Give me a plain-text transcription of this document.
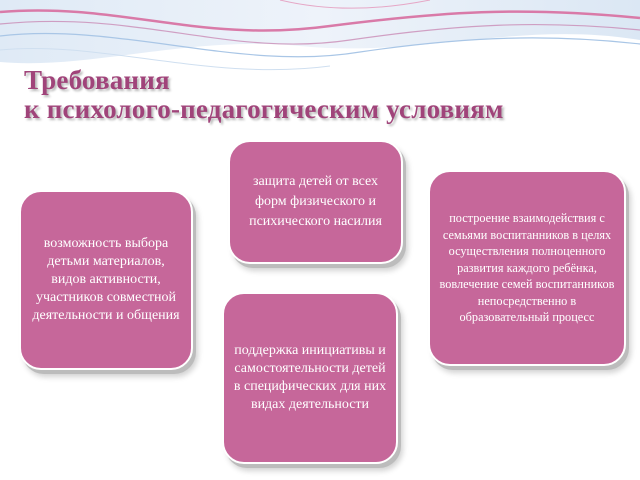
Требования
к психолого-педагогическим условиям
возможность выбора детьми материалов, видов активности, участников совместной деятельности и общения
защита детей от всех форм физического и психического насилия	построение взаимодействия с семьями воспитанников в целях осуществления полноценного развития каждого ребёнка, вовлечение семей воспитанников непосредственно в образовательный процесс
поддержка инициативы и самостоятельности детей в специфических для них видах деятельности
